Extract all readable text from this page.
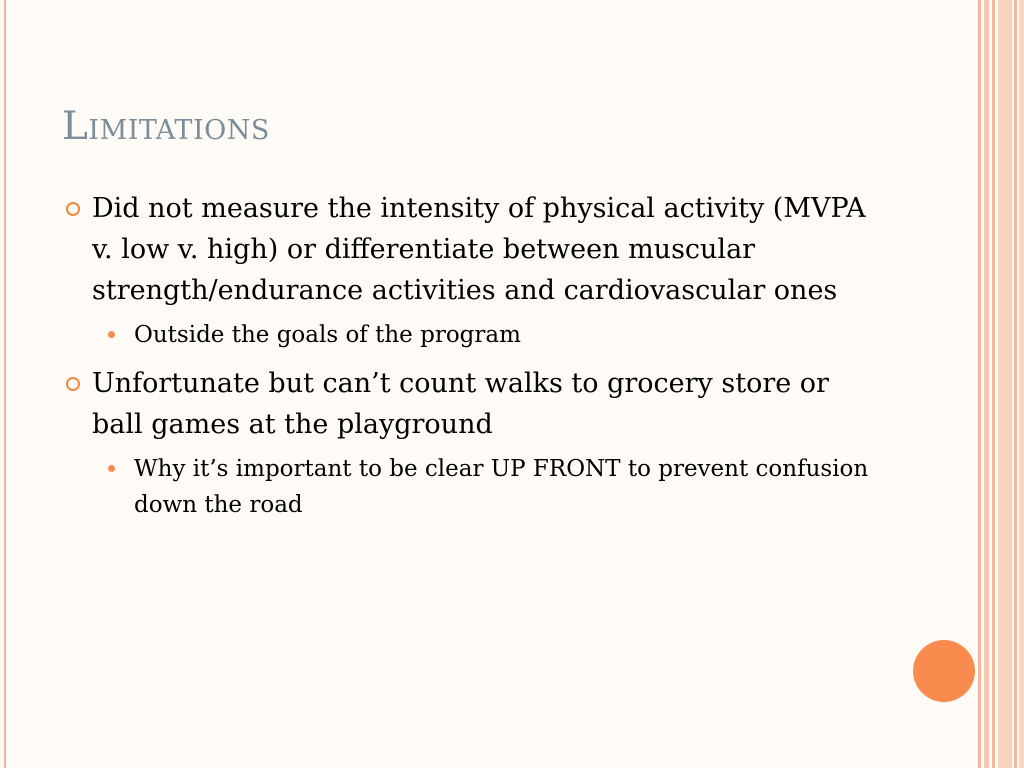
Limitations
Did not measure the intensity of physical activity (MVPA v. low v. high) or differentiate between muscular strength/endurance activities and cardiovascular ones
Outside the goals of the program
Unfortunate but can’t count walks to grocery store or ball games at the playground
Why it’s important to be clear UP FRONT to prevent confusion down the road
